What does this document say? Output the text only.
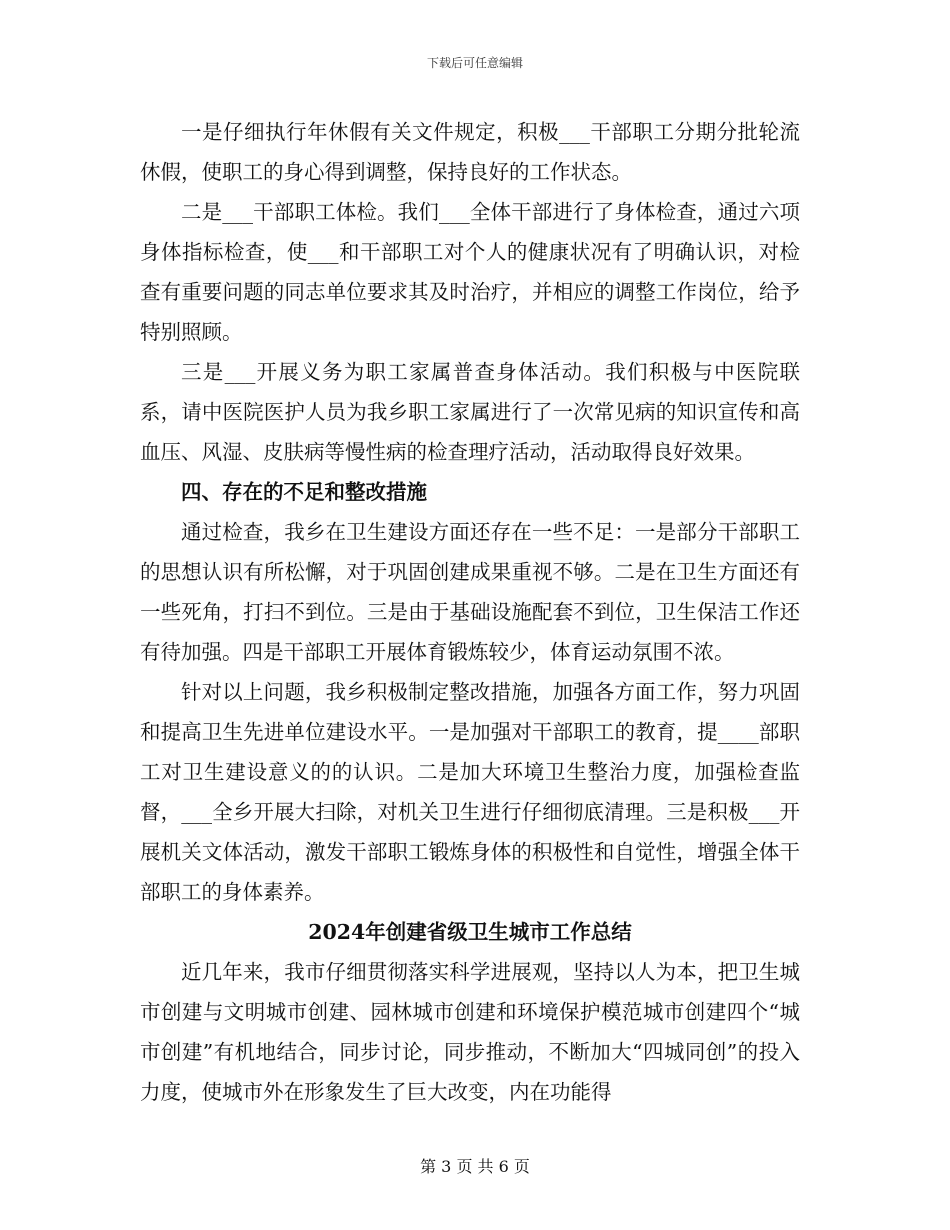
下载后可任意编辑

一是仔细执行年休假有关文件规定，积极___干部职工分期分批轮流休假，使职工的身心得到调整，保持良好的工作状态。

二是___干部职工体检。我们___全体干部进行了身体检查，通过六项身体指标检查，使___和干部职工对个人的健康状况有了明确认识，对检查有重要问题的同志单位要求其及时治疗，并相应的调整工作岗位，给予特别照顾。

三是___开展义务为职工家属普查身体活动。我们积极与中医院联系，请中医院医护人员为我乡职工家属进行了一次常见病的知识宣传和高血压、风湿、皮肤病等慢性病的检查理疗活动，活动取得良好效果。

四、存在的不足和整改措施

通过检查，我乡在卫生建设方面还存在一些不足：一是部分干部职工的思想认识有所松懈，对于巩固创建成果重视不够。二是在卫生方面还有一些死角，打扫不到位。三是由于基础设施配套不到位，卫生保洁工作还有待加强。四是干部职工开展体育锻炼较少，体育运动氛围不浓。

针对以上问题，我乡积极制定整改措施，加强各方面工作，努力巩固和提高卫生先进单位建设水平。一是加强对干部职工的教育，提____部职工对卫生建设意义的的认识。二是加大环境卫生整治力度，加强检查监督，___全乡开展大扫除，对机关卫生进行仔细彻底清理。三是积极___开展机关文体活动，激发干部职工锻炼身体的积极性和自觉性，增强全体干部职工的身体素养。

2024年创建省级卫生城市工作总结

近几年来，我市仔细贯彻落实科学进展观，坚持以人为本，把卫生城市创建与文明城市创建、园林城市创建和环境保护模范城市创建四个“城市创建”有机地结合，同步讨论，同步推动，不断加大“四城同创”的投入力度，使城市外在形象发生了巨大改变，内在功能得

第 3 页 共 6 页
